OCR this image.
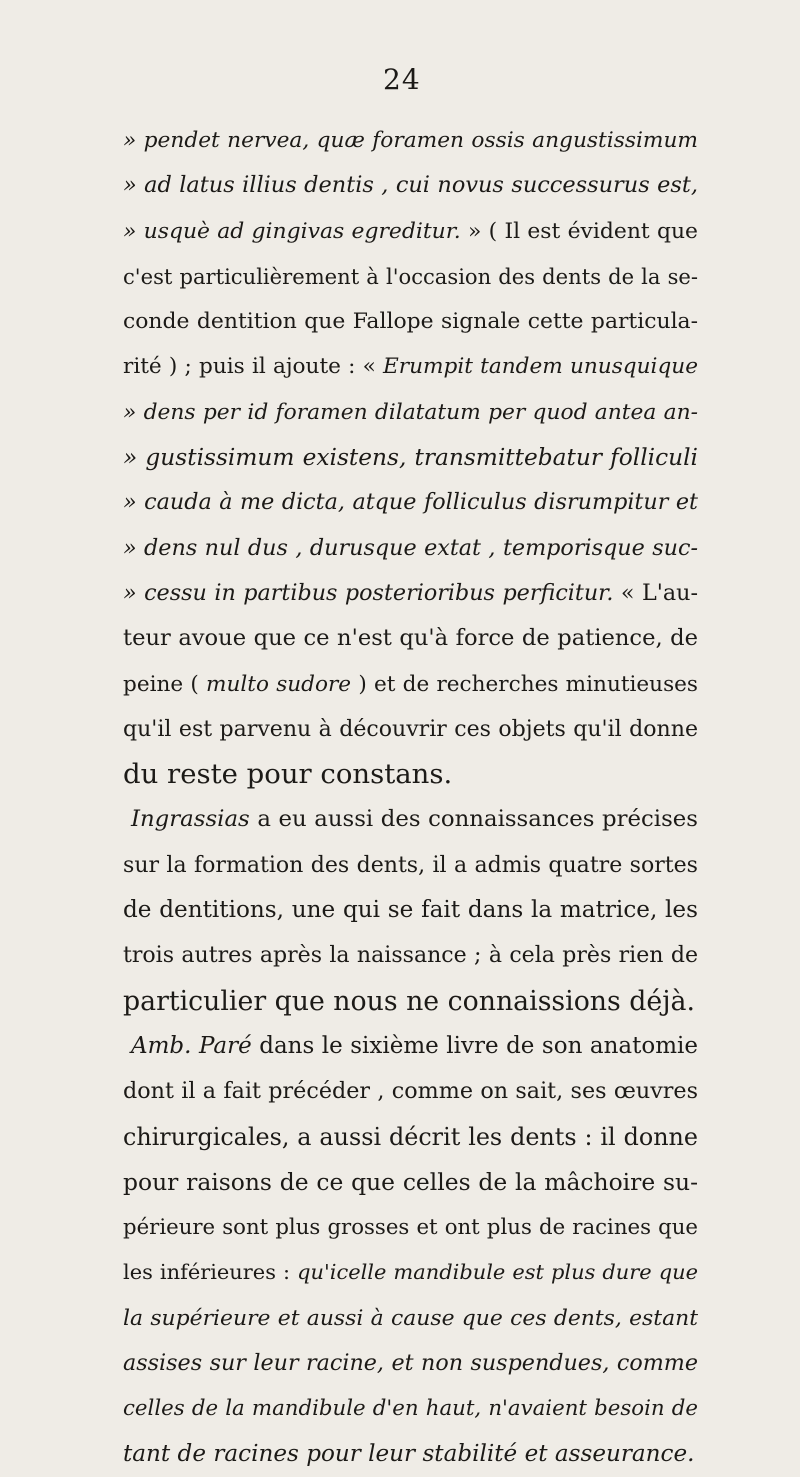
24
» pendet nervea, quæ foramen ossis angustissimum
» ad latus illius dentis , cui novus successurus est,
» usquè ad gingivas egreditur. » ( Il est évident que
c'est particulièrement à l'occasion des dents de la se-
conde dentition que Fallope signale cette particula-
rité ) ; puis il ajoute : « Erumpit tandem unusquique
» dens per id foramen dilatatum per quod antea an-
» gustissimum existens, transmittebatur folliculi
» cauda à me dicta, atque folliculus disrumpitur et
» dens nul dus , durusque extat , temporisque suc-
» cessu in partibus posterioribus perficitur. « L'au-
teur avoue que ce n'est qu'à force de patience, de
peine ( multo sudore ) et de recherches minutieuses
qu'il est parvenu à découvrir ces objets qu'il donne
du reste pour constans.
Ingrassias a eu aussi des connaissances précises
sur la formation des dents, il a admis quatre sortes
de dentitions, une qui se fait dans la matrice, les
trois autres après la naissance ; à cela près rien de
particulier que nous ne connaissions déjà.
Amb. Paré dans le sixième livre de son anatomie
dont il a fait précéder , comme on sait, ses œuvres
chirurgicales, a aussi décrit les dents : il donne
pour raisons de ce que celles de la mâchoire su-
périeure sont plus grosses et ont plus de racines que
les inférieures : qu'icelle mandibule est plus dure que
la supérieure et aussi à cause que ces dents, estant
assises sur leur racine, et non suspendues, comme
celles de la mandibule d'en haut, n'avaient besoin de
tant de racines pour leur stabilité et asseurance.
